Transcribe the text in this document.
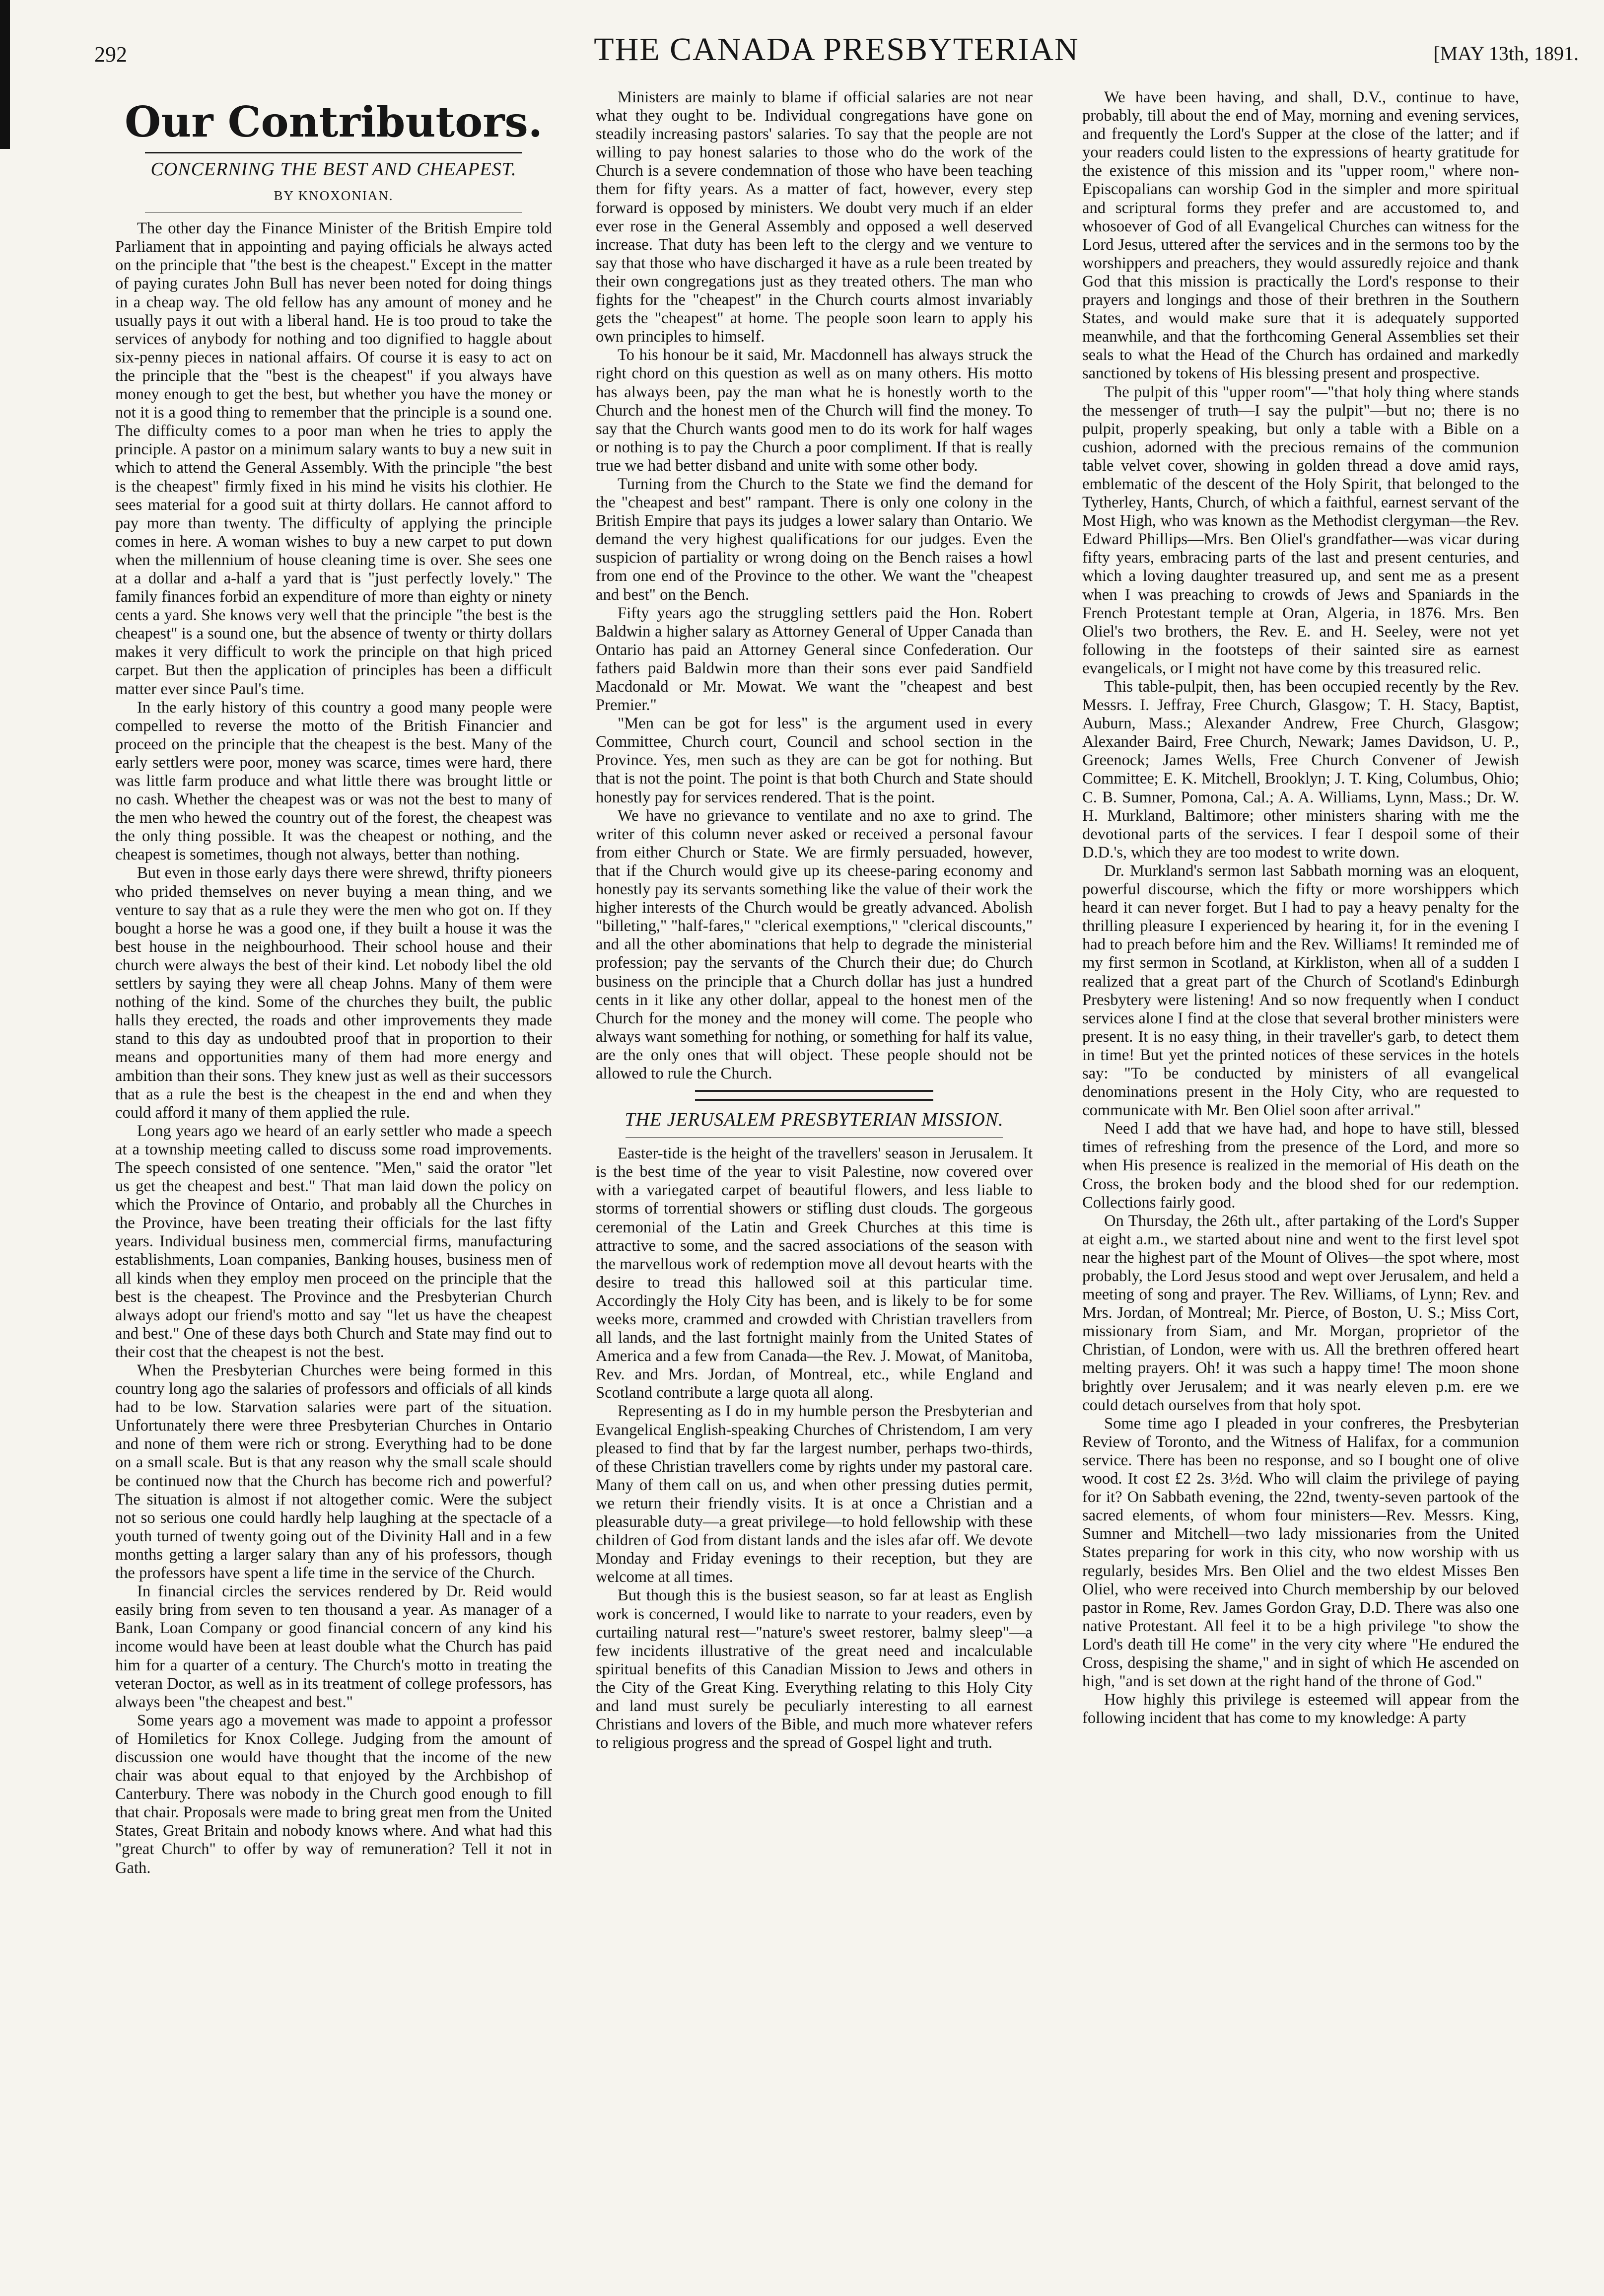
292	THE CANADA PRESBYTERIAN	[MAY 13th, 1891.
Our Contributors.
CONCERNING THE BEST AND CHEAPEST.
BY KNOXONIAN.

The other day the Finance Minister of the British Empire told Parliament that in appointing and paying officials he always acted on the principle that "the best is the cheapest." Except in the matter of paying curates John Bull has never been noted for doing things in a cheap way. The old fellow has any amount of money and he usually pays it out with a liberal hand. He is too proud to take the services of anybody for nothing and too dignified to haggle about six-penny pieces in national affairs. Of course it is easy to act on the principle that the "best is the cheapest" if you always have money enough to get the best, but whether you have the money or not it is a good thing to remember that the principle is a sound one. The difficulty comes to a poor man when he tries to apply the principle. A pastor on a minimum salary wants to buy a new suit in which to attend the General Assembly. With the principle "the best is the cheapest" firmly fixed in his mind he visits his clothier. He sees material for a good suit at thirty dollars. He cannot afford to pay more than twenty. The difficulty of applying the principle comes in here. A woman wishes to buy a new carpet to put down when the millennium of house cleaning time is over. She sees one at a dollar and a-half a yard that is "just perfectly lovely." The family finances forbid an expenditure of more than eighty or ninety cents a yard. She knows very well that the principle "the best is the cheapest" is a sound one, but the absence of twenty or thirty dollars makes it very difficult to work the principle on that high priced carpet. But then the application of principles has been a difficult matter ever since Paul's time.

In the early history of this country a good many people were compelled to reverse the motto of the British Financier and proceed on the principle that the cheapest is the best. Many of the early settlers were poor, money was scarce, times were hard, there was little farm produce and what little there was brought little or no cash. Whether the cheapest was or was not the best to many of the men who hewed the country out of the forest, the cheapest was the only thing possible. It was the cheapest or nothing, and the cheapest is sometimes, though not always, better than nothing.

But even in those early days there were shrewd, thrifty pioneers who prided themselves on never buying a mean thing, and we venture to say that as a rule they were the men who got on. If they bought a horse he was a good one, if they built a house it was the best house in the neighbourhood. Their school house and their church were always the best of their kind. Let nobody libel the old settlers by saying they were all cheap Johns. Many of them were nothing of the kind. Some of the churches they built, the public halls they erected, the roads and other improvements they made stand to this day as undoubted proof that in proportion to their means and opportunities many of them had more energy and ambition than their sons. They knew just as well as their successors that as a rule the best is the cheapest in the end and when they could afford it many of them applied the rule.

Long years ago we heard of an early settler who made a speech at a township meeting called to discuss some road improvements. The speech consisted of one sentence. "Men," said the orator "let us get the cheapest and best." That man laid down the policy on which the Province of Ontario, and probably all the Churches in the Province, have been treating their officials for the last fifty years. Individual business men, commercial firms, manufacturing establishments, Loan companies, Banking houses, business men of all kinds when they employ men proceed on the principle that the best is the cheapest. The Province and the Presbyterian Church always adopt our friend's motto and say "let us have the cheapest and best." One of these days both Church and State may find out to their cost that the cheapest is not the best.

When the Presbyterian Churches were being formed in this country long ago the salaries of professors and officials of all kinds had to be low. Starvation salaries were part of the situation. Unfortunately there were three Presbyterian Churches in Ontario and none of them were rich or strong. Everything had to be done on a small scale. But is that any reason why the small scale should be continued now that the Church has become rich and powerful? The situation is almost if not altogether comic. Were the subject not so serious one could hardly help laughing at the spectacle of a youth turned of twenty going out of the Divinity Hall and in a few months getting a larger salary than any of his professors, though the professors have spent a life time in the service of the Church.

In financial circles the services rendered by Dr. Reid would easily bring from seven to ten thousand a year. As manager of a Bank, Loan Company or good financial concern of any kind his income would have been at least double what the Church has paid him for a quarter of a century. The Church's motto in treating the veteran Doctor, as well as in its treatment of college professors, has always been "the cheapest and best."

Some years ago a movement was made to appoint a professor of Homiletics for Knox College. Judging from the amount of discussion one would have thought that the income of the new chair was about equal to that enjoyed by the Archbishop of Canterbury. There was nobody in the Church good enough to fill that chair. Proposals were made to bring great men from the United States, Great Britain and nobody knows where. And what had this "great Church" to offer by way of remuneration? Tell it not in Gath.

Ministers are mainly to blame if official salaries are not near what they ought to be. Individual congregations have gone on steadily increasing pastors' salaries. To say that the people are not willing to pay honest salaries to those who do the work of the Church is a severe condemnation of those who have been teaching them for fifty years. As a matter of fact, however, every step forward is opposed by ministers. We doubt very much if an elder ever rose in the General Assembly and opposed a well deserved increase. That duty has been left to the clergy and we venture to say that those who have discharged it have as a rule been treated by their own congregations just as they treated others. The man who fights for the "cheapest" in the Church courts almost invariably gets the "cheapest" at home. The people soon learn to apply his own principles to himself.

To his honour be it said, Mr. Macdonnell has always struck the right chord on this question as well as on many others. His motto has always been, pay the man what he is honestly worth to the Church and the honest men of the Church will find the money. To say that the Church wants good men to do its work for half wages or nothing is to pay the Church a poor compliment. If that is really true we had better disband and unite with some other body.

Turning from the Church to the State we find the demand for the "cheapest and best" rampant. There is only one colony in the British Empire that pays its judges a lower salary than Ontario. We demand the very highest qualifications for our judges. Even the suspicion of partiality or wrong doing on the Bench raises a howl from one end of the Province to the other. We want the "cheapest and best" on the Bench.

Fifty years ago the struggling settlers paid the Hon. Robert Baldwin a higher salary as Attorney General of Upper Canada than Ontario has paid an Attorney General since Confederation. Our fathers paid Baldwin more than their sons ever paid Sandfield Macdonald or Mr. Mowat. We want the "cheapest and best Premier."

"Men can be got for less" is the argument used in every Committee, Church court, Council and school section in the Province. Yes, men such as they are can be got for nothing. But that is not the point. The point is that both Church and State should honestly pay for services rendered. That is the point.

We have no grievance to ventilate and no axe to grind. The writer of this column never asked or received a personal favour from either Church or State. We are firmly persuaded, however, that if the Church would give up its cheese-paring economy and honestly pay its servants something like the value of their work the higher interests of the Church would be greatly advanced. Abolish "billeting," "half-fares," "clerical exemptions," "clerical discounts," and all the other abominations that help to degrade the ministerial profession; pay the servants of the Church their due; do Church business on the principle that a Church dollar has just a hundred cents in it like any other dollar, appeal to the honest men of the Church for the money and the money will come. The people who always want something for nothing, or something for half its value, are the only ones that will object. These people should not be allowed to rule the Church.

THE JERUSALEM PRESBYTERIAN MISSION.

Easter-tide is the height of the travellers' season in Jerusalem. It is the best time of the year to visit Palestine, now covered over with a variegated carpet of beautiful flowers, and less liable to storms of torrential showers or stifling dust clouds. The gorgeous ceremonial of the Latin and Greek Churches at this time is attractive to some, and the sacred associations of the season with the marvellous work of redemption move all devout hearts with the desire to tread this hallowed soil at this particular time. Accordingly the Holy City has been, and is likely to be for some weeks more, crammed and crowded with Christian travellers from all lands, and the last fortnight mainly from the United States of America and a few from Canada—the Rev. J. Mowat, of Manitoba, Rev. and Mrs. Jordan, of Montreal, etc., while England and Scotland contribute a large quota all along.

Representing as I do in my humble person the Presbyterian and Evangelical English-speaking Churches of Christendom, I am very pleased to find that by far the largest number, perhaps two-thirds, of these Christian travellers come by rights under my pastoral care. Many of them call on us, and when other pressing duties permit, we return their friendly visits. It is at once a Christian and a pleasurable duty—a great privilege—to hold fellowship with these children of God from distant lands and the isles afar off. We devote Monday and Friday evenings to their reception, but they are welcome at all times.

But though this is the busiest season, so far at least as English work is concerned, I would like to narrate to your readers, even by curtailing natural rest—"nature's sweet restorer, balmy sleep"—a few incidents illustrative of the great need and incalculable spiritual benefits of this Canadian Mission to Jews and others in the City of the Great King. Everything relating to this Holy City and land must surely be peculiarly interesting to all earnest Christians and lovers of the Bible, and much more whatever refers to religious progress and the spread of Gospel light and truth.

We have been having, and shall, D.V., continue to have, probably, till about the end of May, morning and evening services, and frequently the Lord's Supper at the close of the latter; and if your readers could listen to the expressions of hearty gratitude for the existence of this mission and its "upper room," where non-Episcopalians can worship God in the simpler and more spiritual and scriptural forms they prefer and are accustomed to, and whosoever of God of all Evangelical Churches can witness for the Lord Jesus, uttered after the services and in the sermons too by the worshippers and preachers, they would assuredly rejoice and thank God that this mission is practically the Lord's response to their prayers and longings and those of their brethren in the Southern States, and would make sure that it is adequately supported meanwhile, and that the forthcoming General Assemblies set their seals to what the Head of the Church has ordained and markedly sanctioned by tokens of His blessing present and prospective.

The pulpit of this "upper room"—"that holy thing where stands the messenger of truth—I say the pulpit"—but no; there is no pulpit, properly speaking, but only a table with a Bible on a cushion, adorned with the precious remains of the communion table velvet cover, showing in golden thread a dove amid rays, emblematic of the descent of the Holy Spirit, that belonged to the Tytherley, Hants, Church, of which a faithful, earnest servant of the Most High, who was known as the Methodist clergyman—the Rev. Edward Phillips—Mrs. Ben Oliel's grandfather—was vicar during fifty years, embracing parts of the last and present centuries, and which a loving daughter treasured up, and sent me as a present when I was preaching to crowds of Jews and Spaniards in the French Protestant temple at Oran, Algeria, in 1876. Mrs. Ben Oliel's two brothers, the Rev. E. and H. Seeley, were not yet following in the footsteps of their sainted sire as earnest evangelicals, or I might not have come by this treasured relic.

This table-pulpit, then, has been occupied recently by the Rev. Messrs. I. Jeffray, Free Church, Glasgow; T. H. Stacy, Baptist, Auburn, Mass.; Alexander Andrew, Free Church, Glasgow; Alexander Baird, Free Church, Newark; James Davidson, U. P., Greenock; James Wells, Free Church Convener of Jewish Committee; E. K. Mitchell, Brooklyn; J. T. King, Columbus, Ohio; C. B. Sumner, Pomona, Cal.; A. A. Williams, Lynn, Mass.; Dr. W. H. Murkland, Baltimore; other ministers sharing with me the devotional parts of the services. I fear I despoil some of their D.D.'s, which they are too modest to write down.

Dr. Murkland's sermon last Sabbath morning was an eloquent, powerful discourse, which the fifty or more worshippers which heard it can never forget. But I had to pay a heavy penalty for the thrilling pleasure I experienced by hearing it, for in the evening I had to preach before him and the Rev. Williams! It reminded me of my first sermon in Scotland, at Kirkliston, when all of a sudden I realized that a great part of the Church of Scotland's Edinburgh Presbytery were listening! And so now frequently when I conduct services alone I find at the close that several brother ministers were present. It is no easy thing, in their traveller's garb, to detect them in time! But yet the printed notices of these services in the hotels say: "To be conducted by ministers of all evangelical denominations present in the Holy City, who are requested to communicate with Mr. Ben Oliel soon after arrival."

Need I add that we have had, and hope to have still, blessed times of refreshing from the presence of the Lord, and more so when His presence is realized in the memorial of His death on the Cross, the broken body and the blood shed for our redemption. Collections fairly good.

On Thursday, the 26th ult., after partaking of the Lord's Supper at eight a.m., we started about nine and went to the first level spot near the highest part of the Mount of Olives—the spot where, most probably, the Lord Jesus stood and wept over Jerusalem, and held a meeting of song and prayer. The Rev. Williams, of Lynn; Rev. and Mrs. Jordan, of Montreal; Mr. Pierce, of Boston, U. S.; Miss Cort, missionary from Siam, and Mr. Morgan, proprietor of the Christian, of London, were with us. All the brethren offered heart melting prayers. Oh! it was such a happy time! The moon shone brightly over Jerusalem; and it was nearly eleven p.m. ere we could detach ourselves from that holy spot.

Some time ago I pleaded in your confreres, the Presbyterian Review of Toronto, and the Witness of Halifax, for a communion service. There has been no response, and so I bought one of olive wood. It cost £2 2s. 3½d. Who will claim the privilege of paying for it? On Sabbath evening, the 22nd, twenty-seven partook of the sacred elements, of whom four ministers—Rev. Messrs. King, Sumner and Mitchell—two lady missionaries from the United States preparing for work in this city, who now worship with us regularly, besides Mrs. Ben Oliel and the two eldest Misses Ben Oliel, who were received into Church membership by our beloved pastor in Rome, Rev. James Gordon Gray, D.D. There was also one native Protestant. All feel it to be a high privilege "to show the Lord's death till He come" in the very city where "He endured the Cross, despising the shame," and in sight of which He ascended on high, "and is set down at the right hand of the throne of God."

How highly this privilege is esteemed will appear from the following incident that has come to my knowledge: A party
